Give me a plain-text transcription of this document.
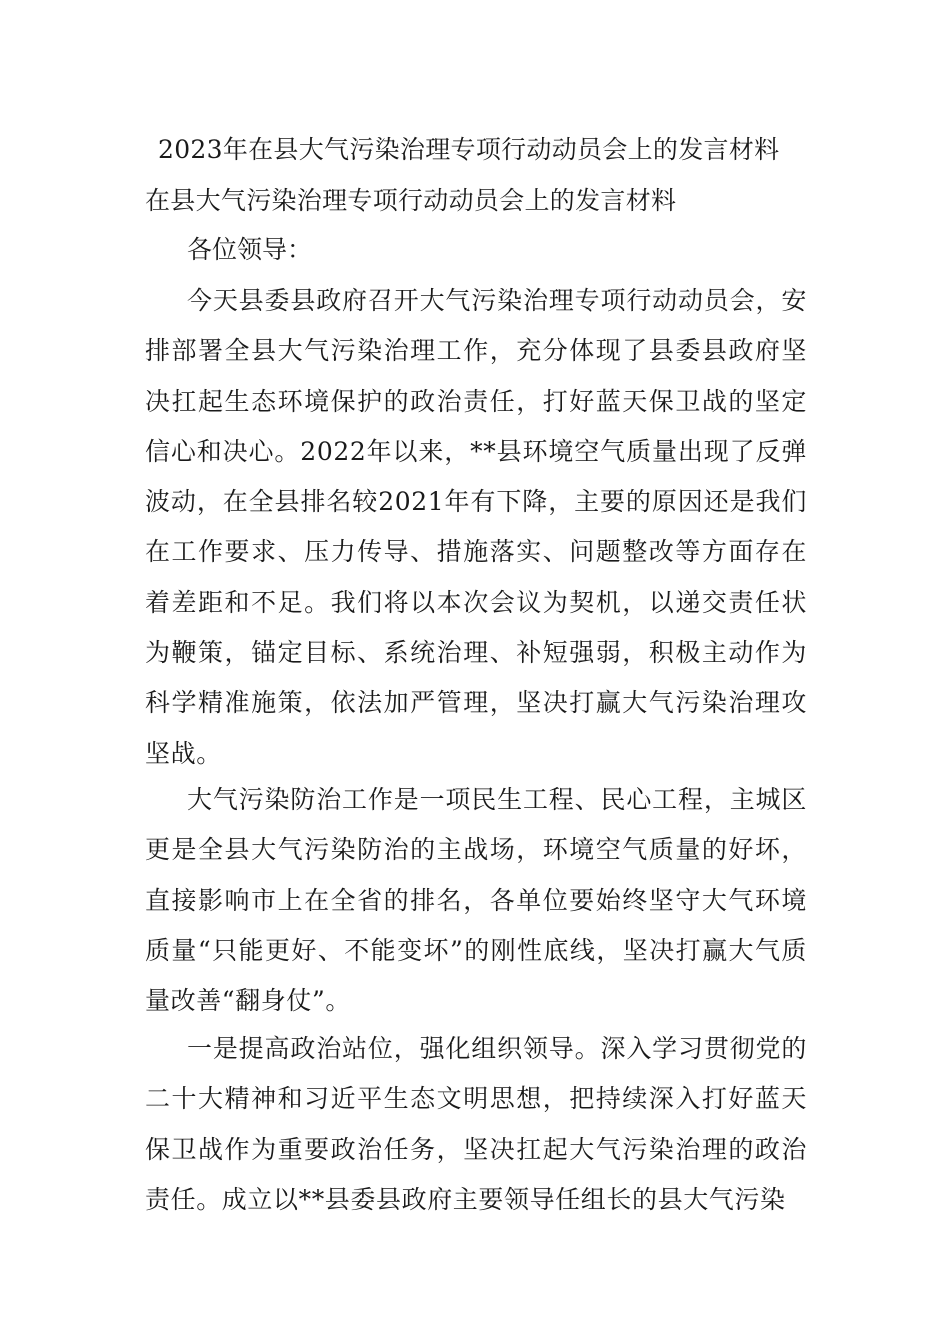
2023年在县大气污染治理专项行动动员会上的发言材料
在县大气污染治理专项行动动员会上的发言材料
各位领导：

今天县委县政府召开大气污染治理专项行动动员会，安排部署全县大气污染治理工作，充分体现了县委县政府坚决扛起生态环境保护的政治责任，打好蓝天保卫战的坚定信心和决心。2022年以来，**县环境空气质量出现了反弹波动，在全县排名较2021年有下降，主要的原因还是我们在工作要求、压力传导、措施落实、问题整改等方面存在着差距和不足。我们将以本次会议为契机，以递交责任状为鞭策，锚定目标、系统治理、补短强弱，积极主动作为科学精准施策，依法加严管理，坚决打赢大气污染治理攻坚战。

大气污染防治工作是一项民生工程、民心工程，主城区更是全县大气污染防治的主战场，环境空气质量的好坏，直接影响市上在全省的排名，各单位要始终坚守大气环境质量“只能更好、不能变坏”的刚性底线，坚决打赢大气质量改善“翻身仗”。

一是提高政治站位，强化组织领导。深入学习贯彻党的二十大精神和习近平生态文明思想，把持续深入打好蓝天保卫战作为重要政治任务，坚决扛起大气污染治理的政治责任。成立以**县委县政府主要领导任组长的县大气污染
